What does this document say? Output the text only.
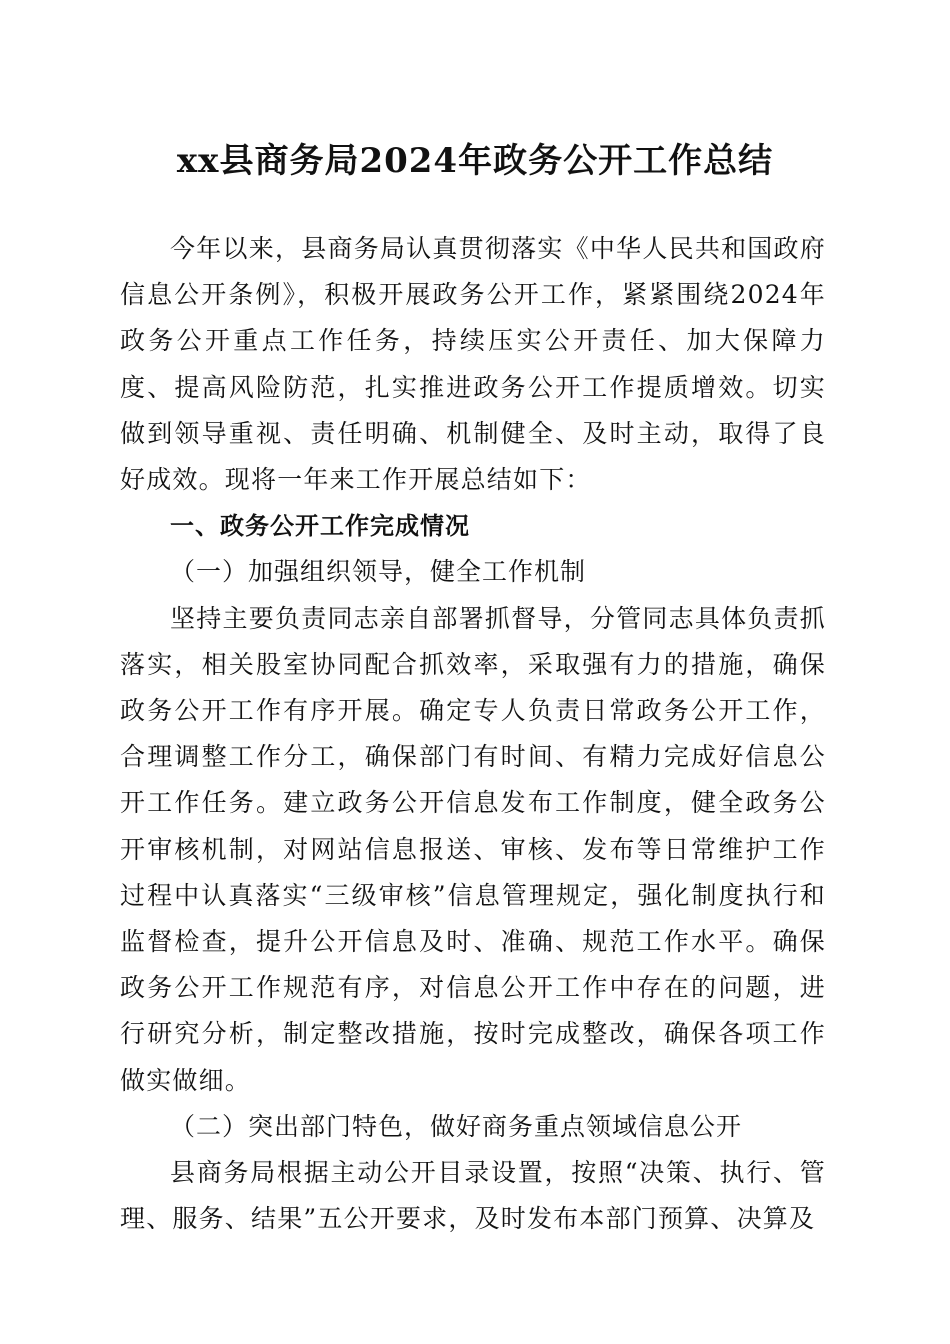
xx县商务局2024年政务公开工作总结

今年以来，县商务局认真贯彻落实《中华人民共和国政府信息公开条例》，积极开展政务公开工作，紧紧围绕2024年政务公开重点工作任务，持续压实公开责任、加大保障力度、提高风险防范，扎实推进政务公开工作提质增效。切实做到领导重视、责任明确、机制健全、及时主动，取得了良好成效。现将一年来工作开展总结如下：

一、政务公开工作完成情况

（一）加强组织领导，健全工作机制

坚持主要负责同志亲自部署抓督导，分管同志具体负责抓落实，相关股室协同配合抓效率，采取强有力的措施，确保政务公开工作有序开展。确定专人负责日常政务公开工作，合理调整工作分工，确保部门有时间、有精力完成好信息公开工作任务。建立政务公开信息发布工作制度，健全政务公开审核机制，对网站信息报送、审核、发布等日常维护工作过程中认真落实“三级审核”信息管理规定，强化制度执行和监督检查，提升公开信息及时、准确、规范工作水平。确保政务公开工作规范有序，对信息公开工作中存在的问题，进行研究分析，制定整改措施，按时完成整改，确保各项工作做实做细。

（二）突出部门特色，做好商务重点领域信息公开

县商务局根据主动公开目录设置，按照“决策、执行、管理、服务、结果”五公开要求，及时发布本部门预算、决算及
